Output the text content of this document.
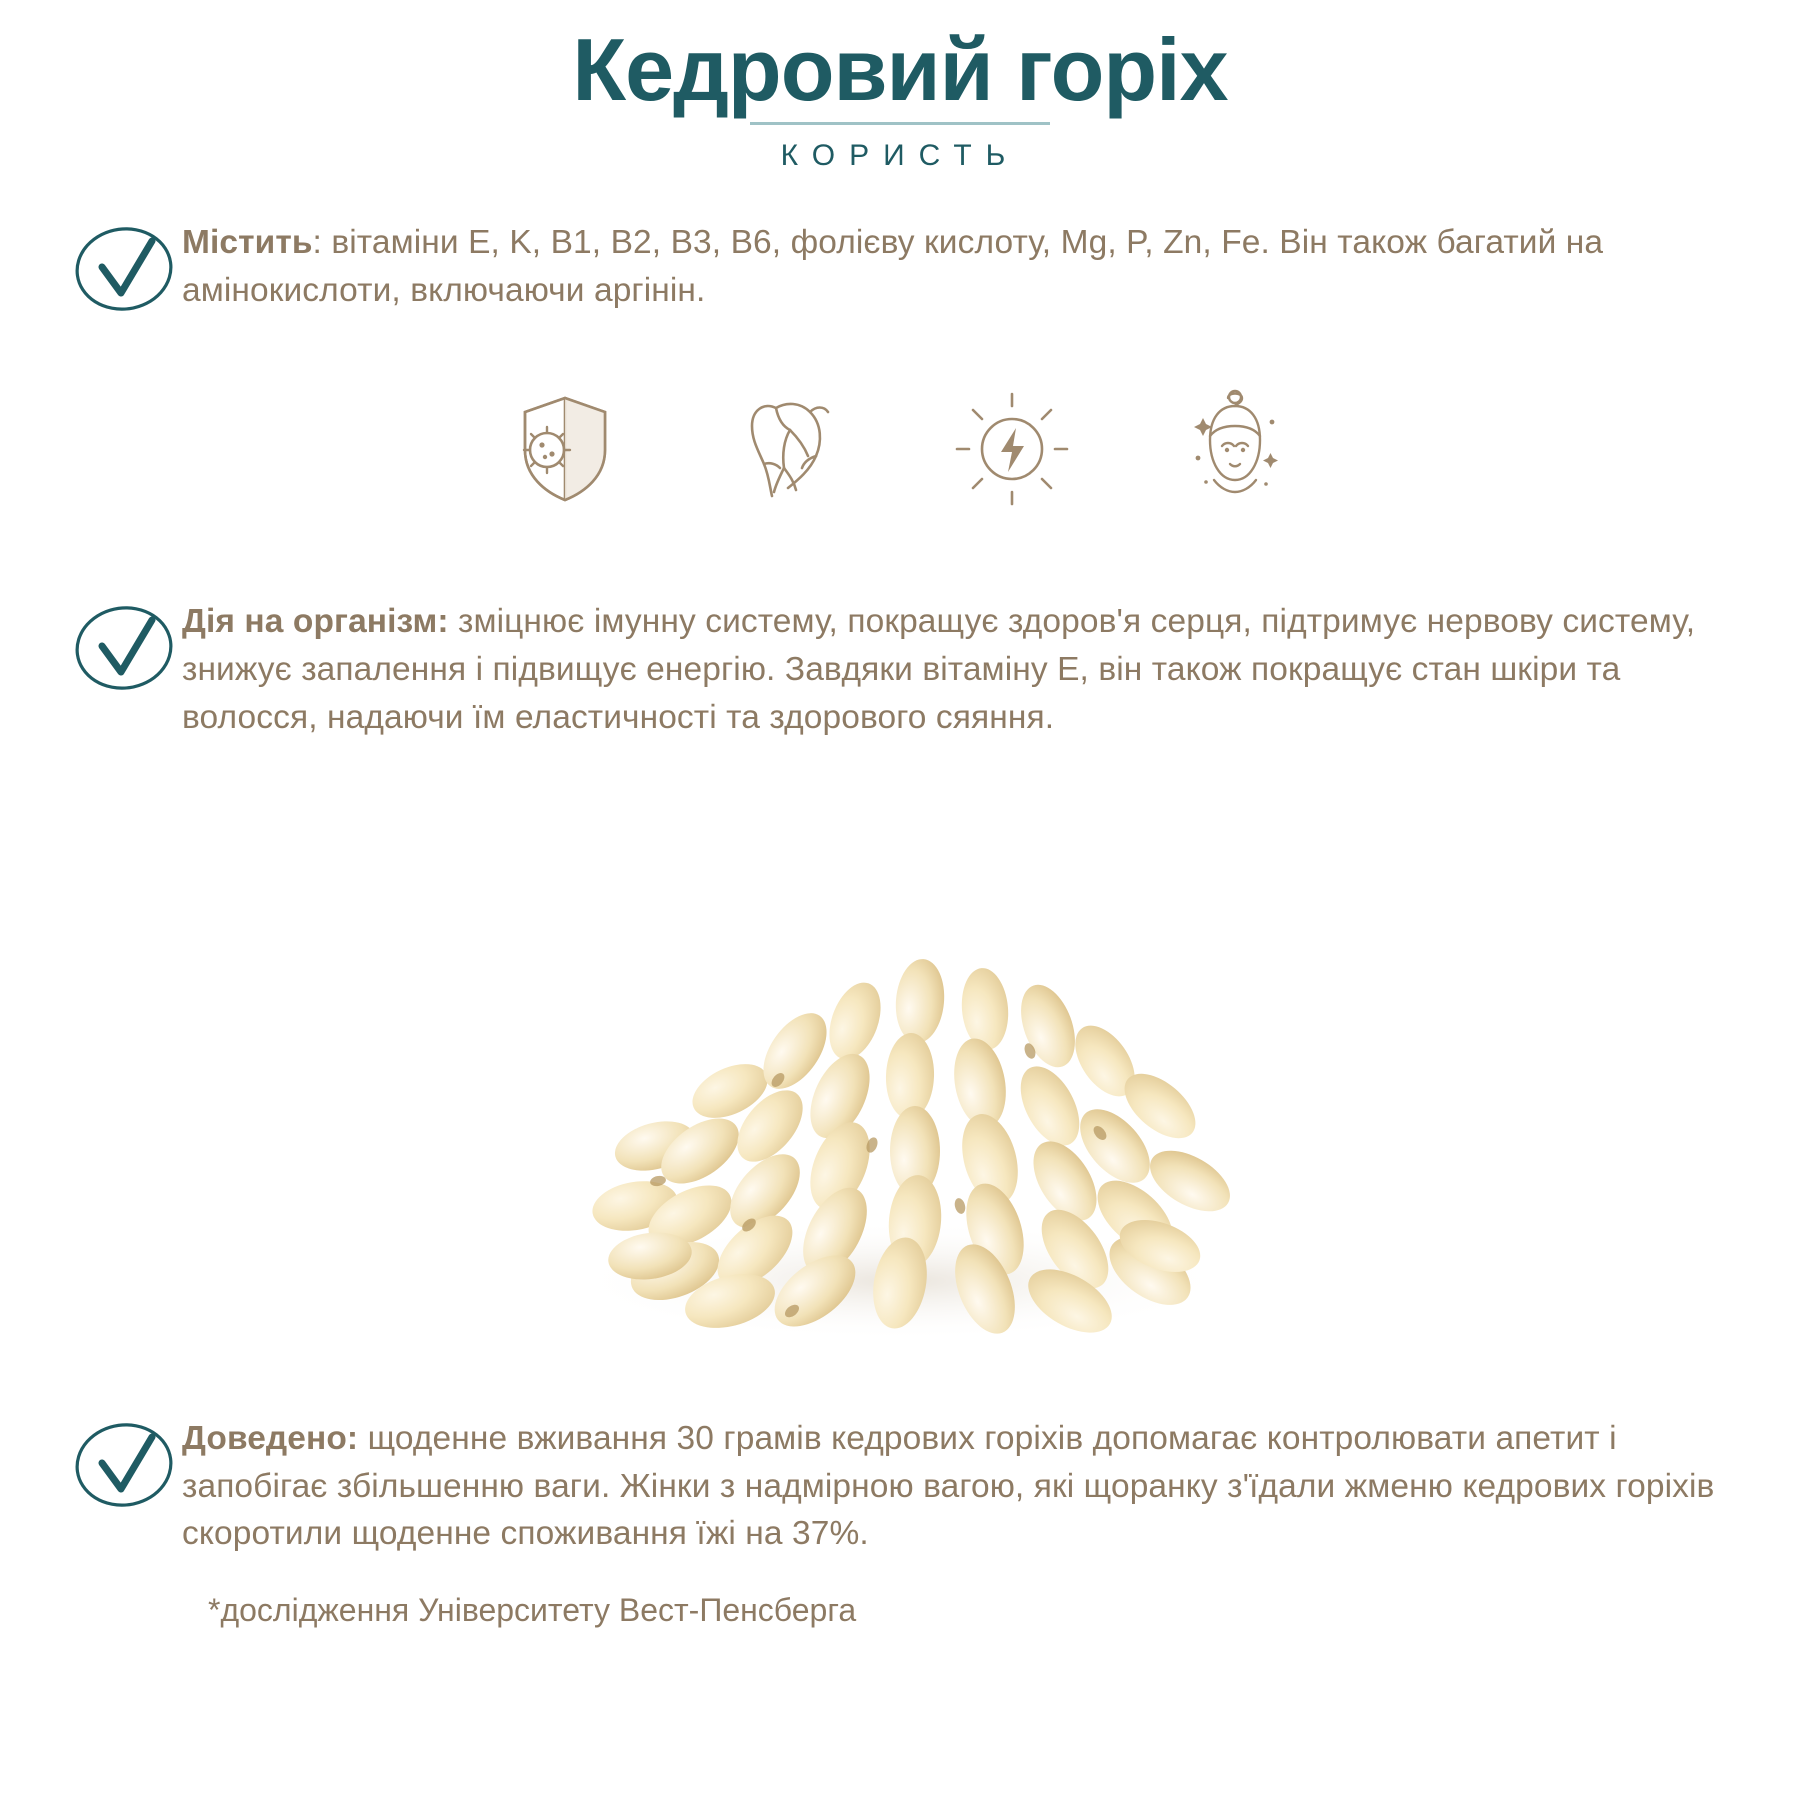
Кедровий горіх
КОРИСТЬ
Містить: вітаміни E, K, B1, B2, B3, B6, фолієву кислоту, Mg, P, Zn, Fe. Він також багатий на амінокислоти, включаючи аргінін.
Дія на організм: зміцнює імунну систему, покращує здоров'я серця, підтримує нервову систему, знижує запалення і підвищує енергію. Завдяки вітаміну E, він також покращує стан шкіри та волосся, надаючи їм еластичності та здорового сяяння.
Доведено: щоденне вживання 30 грамів кедрових горіхів допомагає контролювати апетит і запобігає збільшенню ваги. Жінки з надмірною вагою, які щоранку з'їдали жменю кедрових горіхів скоротили щоденне споживання їжі на 37%.
*дослідження Університету Вест-Пенсберга
